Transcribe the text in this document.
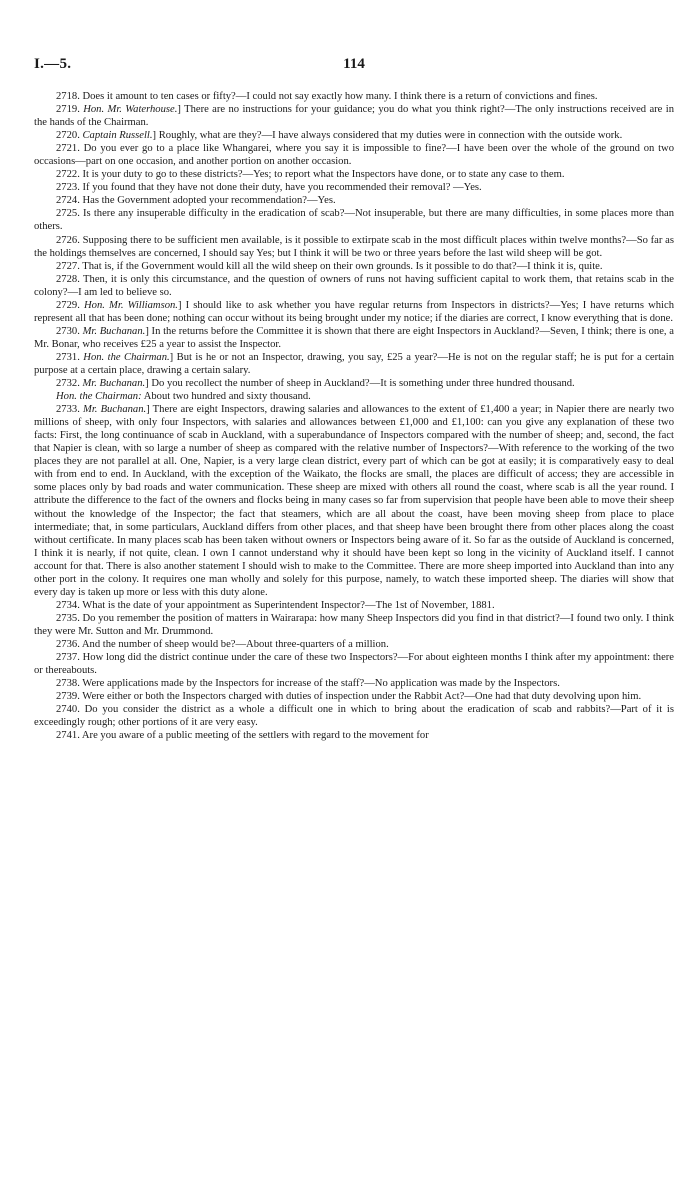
I.—5.	114

2718. Does it amount to ten cases or fifty?—I could not say exactly how many. I think there is a return of convictions and fines.

2719. Hon. Mr. Waterhouse.] There are no instructions for your guidance; you do what you think right?—The only instructions received are in the hands of the Chairman.

2720. Captain Russell.] Roughly, what are they?—I have always considered that my duties were in connection with the outside work.

2721. Do you ever go to a place like Whangarei, where you say it is impossible to fine?—I have been over the whole of the ground on two occasions—part on one occasion, and another portion on another occasion.

2722. It is your duty to go to these districts?—Yes; to report what the Inspectors have done, or to state any case to them.

2723. If you found that they have not done their duty, have you recommended their removal? —Yes.

2724. Has the Government adopted your recommendation?—Yes.

2725. Is there any insuperable difficulty in the eradication of scab?—Not insuperable, but there are many difficulties, in some places more than others.

2726. Supposing there to be sufficient men available, is it possible to extirpate scab in the most difficult places within twelve months?—So far as the holdings themselves are concerned, I should say Yes; but I think it will be two or three years before the last wild sheep will be got.

2727. That is, if the Government would kill all the wild sheep on their own grounds. Is it possible to do that?—I think it is, quite.

2728. Then, it is only this circumstance, and the question of owners of runs not having sufficient capital to work them, that retains scab in the colony?—I am led to believe so.

2729. Hon. Mr. Williamson.] I should like to ask whether you have regular returns from Inspectors in districts?—Yes; I have returns which represent all that has been done; nothing can occur without its being brought under my notice; if the diaries are correct, I know everything that is done.

2730. Mr. Buchanan.] In the returns before the Committee it is shown that there are eight Inspectors in Auckland?—Seven, I think; there is one, a Mr. Bonar, who receives £25 a year to assist the Inspector.

2731. Hon. the Chairman.] But is he or not an Inspector, drawing, you say, £25 a year?—He is not on the regular staff; he is put for a certain purpose at a certain place, drawing a certain salary.

2732. Mr. Buchanan.] Do you recollect the number of sheep in Auckland?—It is something under three hundred thousand.

Hon. the Chairman: About two hundred and sixty thousand.

2733. Mr. Buchanan.] There are eight Inspectors, drawing salaries and allowances to the extent of £1,400 a year; in Napier there are nearly two millions of sheep, with only four Inspectors, with salaries and allowances between £1,000 and £1,100: can you give any explanation of these two facts: First, the long continuance of scab in Auckland, with a superabundance of Inspectors compared with the number of sheep; and, second, the fact that Napier is clean, with so large a number of sheep as compared with the relative number of Inspectors?—With reference to the working of the two places they are not parallel at all. One, Napier, is a very large clean district, every part of which can be got at easily; it is comparatively easy to deal with from end to end. In Auckland, with the exception of the Waikato, the flocks are small, the places are difficult of access; they are accessible in some places only by bad roads and water communication. These sheep are mixed with others all round the coast, where scab is all the year round. I attribute the difference to the fact of the owners and flocks being in many cases so far from supervision that people have been able to move their sheep without the knowledge of the Inspector; the fact that steamers, which are all about the coast, have been moving sheep from place to place intermediate; that, in some particulars, Auckland differs from other places, and that sheep have been brought there from other places along the coast without certificate. In many places scab has been taken without owners or Inspectors being aware of it. So far as the outside of Auckland is concerned, I think it is nearly, if not quite, clean. I own I cannot understand why it should have been kept so long in the vicinity of Auckland itself. I cannot account for that. There is also another statement I should wish to make to the Committee. There are more sheep imported into Auckland than into any other port in the colony. It requires one man wholly and solely for this purpose, namely, to watch these imported sheep. The diaries will show that every day is taken up more or less with this duty alone.

2734. What is the date of your appointment as Superintendent Inspector?—The 1st of November, 1881.

2735. Do you remember the position of matters in Wairarapa: how many Sheep Inspectors did you find in that district?—I found two only. I think they were Mr. Sutton and Mr. Drummond.

2736. And the number of sheep would be?—About three-quarters of a million.

2737. How long did the district continue under the care of these two Inspectors?—For about eighteen months I think after my appointment: there or thereabouts.

2738. Were applications made by the Inspectors for increase of the staff?—No application was made by the Inspectors.

2739. Were either or both the Inspectors charged with duties of inspection under the Rabbit Act?—One had that duty devolving upon him.

2740. Do you consider the district as a whole a difficult one in which to bring about the eradication of scab and rabbits?—Part of it is exceedingly rough; other portions of it are very easy.

2741. Are you aware of a public meeting of the settlers with regard to the movement for
